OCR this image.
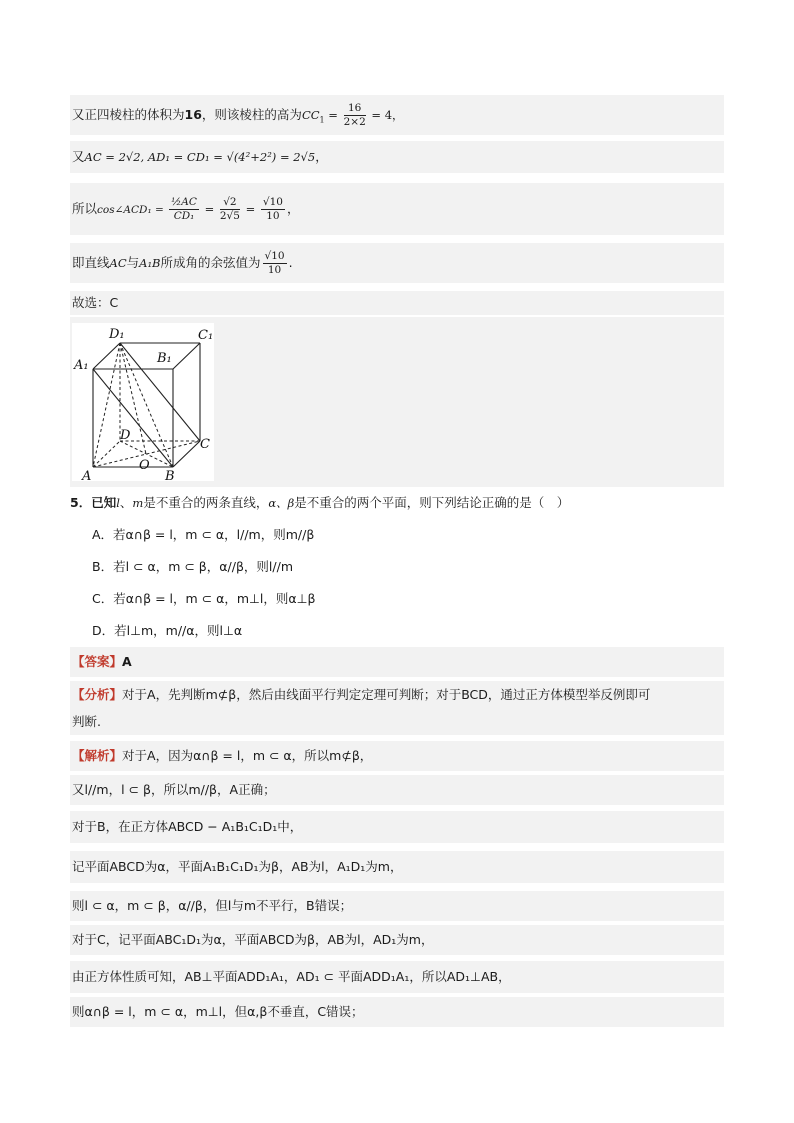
又正四棱柱的体积为16，则该棱柱的高为$CC_1 = \frac{16}{2\times 2} = 4$，
又AC = 2√2, AD₁ = CD₁ = √(4²+2²) = 2√5，
所以cos∠ACD₁ = $\frac{\text{½AC}}{\text{CD₁}} = \frac{√2}{2√5} = \frac{√10}{10}$ ，
即直线AC与A₁B所成角的余弦值为 $\frac{√10}{10}$ .
故选：C
D₁	C₁
A₁	B₁
D
C
A	B
O
5．已知l、m是不重合的两条直线，α、β是不重合的两个平面，则下列结论正确的是（　）
A．若α∩β = l，m ⊂ α，l//m，则m//β
B．若l ⊂ α，m ⊂ β，α//β，则l//m
C．若α∩β = l，m ⊂ α，m⊥l，则α⊥β
D．若l⊥m，m//α，则l⊥α
【答案】A
【分析】对于A，先判断m⊄β，然后由线面平行判定定理可判断；对于BCD，通过正方体模型举反例即可
判断.
【解析】对于A，因为α∩β = l，m ⊂ α，所以m⊄β，
又l//m，l ⊂ β，所以m//β，A正确；
对于B，在正方体ABCD − A₁B₁C₁D₁中，
记平面ABCD为α，平面A₁B₁C₁D₁为β，AB为l，A₁D₁为m，
则l ⊂ α，m ⊂ β，α//β，但l与m不平行，B错误；
对于C，记平面ABC₁D₁为α，平面ABCD为β，AB为l，AD₁为m，
由正方体性质可知，AB⊥平面ADD₁A₁，AD₁ ⊂ 平面ADD₁A₁，所以AD₁⊥AB，
则α∩β = l，m ⊂ α，m⊥l，但α,β不垂直，C错误；
